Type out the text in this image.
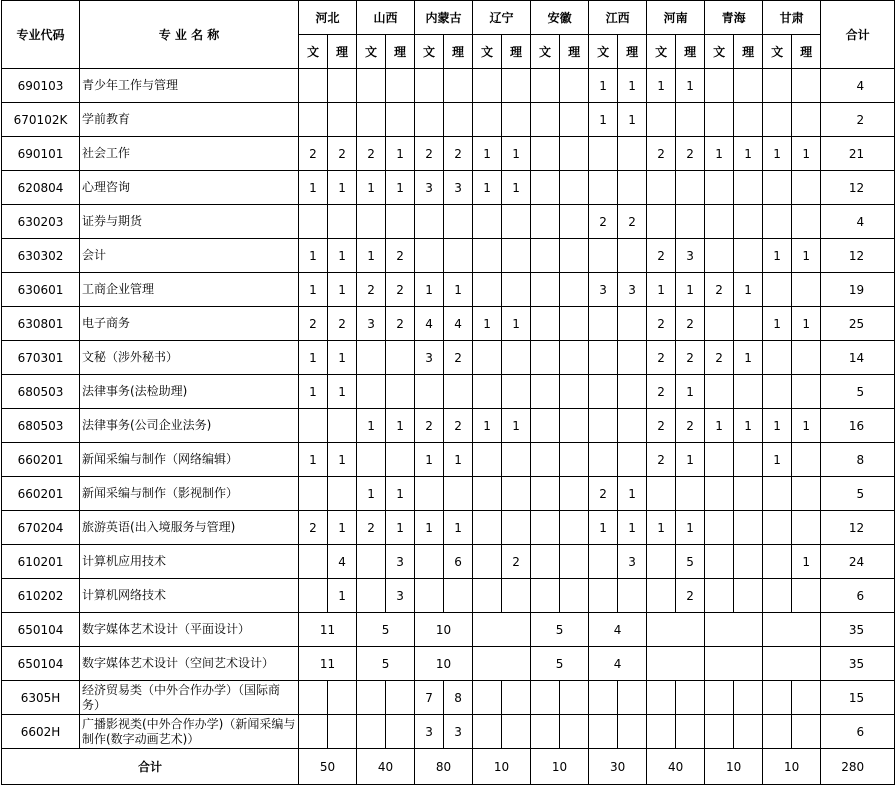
专业代码	专 业 名 称	河北		山西		内蒙古		辽宁		安徽		江西		河南		青海		甘肃		合计
		文	理	文	理	文	理	文	理	文	理	文	理	文	理	文	理	文	理	
690103	青少年工作与管理											1	1	1	1					4
670102K	学前教育											1	1							2
690101	社会工作	2	2	2	1	2	2	1	1					2	2	1	1	1	1	21
620804	心理咨询	1	1	1	1	3	3	1	1											12
630203	证券与期货											2	2							4
630302	会计	1	1	1	2									2	3			1	1	12
630601	工商企业管理	1	1	2	2	1	1					3	3	1	1	2	1			19
630801	电子商务	2	2	3	2	4	4	1	1					2	2			1	1	25
670301	文秘（涉外秘书）	1	1			3	2							2	2	2	1			14
680503	法律事务(法检助理)	1	1											2	1					5
680503	法律事务(公司企业法务)			1	1	2	2	1	1					2	2	1	1	1	1	16
660201	新闻采编与制作（网络编辑）	1	1			1	1							2	1			1		8
660201	新闻采编与制作（影视制作）			1	1							2	1							5
670204	旅游英语(出入境服务与管理)	2	1	2	1	1	1					1	1	1	1					12
610201	计算机应用技术		4		3		6		2				3		5				1	24
610202	计算机网络技术		1		3										2					6
650104	数字媒体艺术设计（平面设计）	11		5		10				5		4								35
650104	数字媒体艺术设计（空间艺术设计）	11		5		10				5		4								35
6305H	经济贸易类（中外合作办学）（国际商务）					7	8													15
6602H	广播影视类(中外合作办学)（新闻采编与制作(数字动画艺术)）					3	3													6
合计		50		40		80		10		10		30		40		10		10		280
